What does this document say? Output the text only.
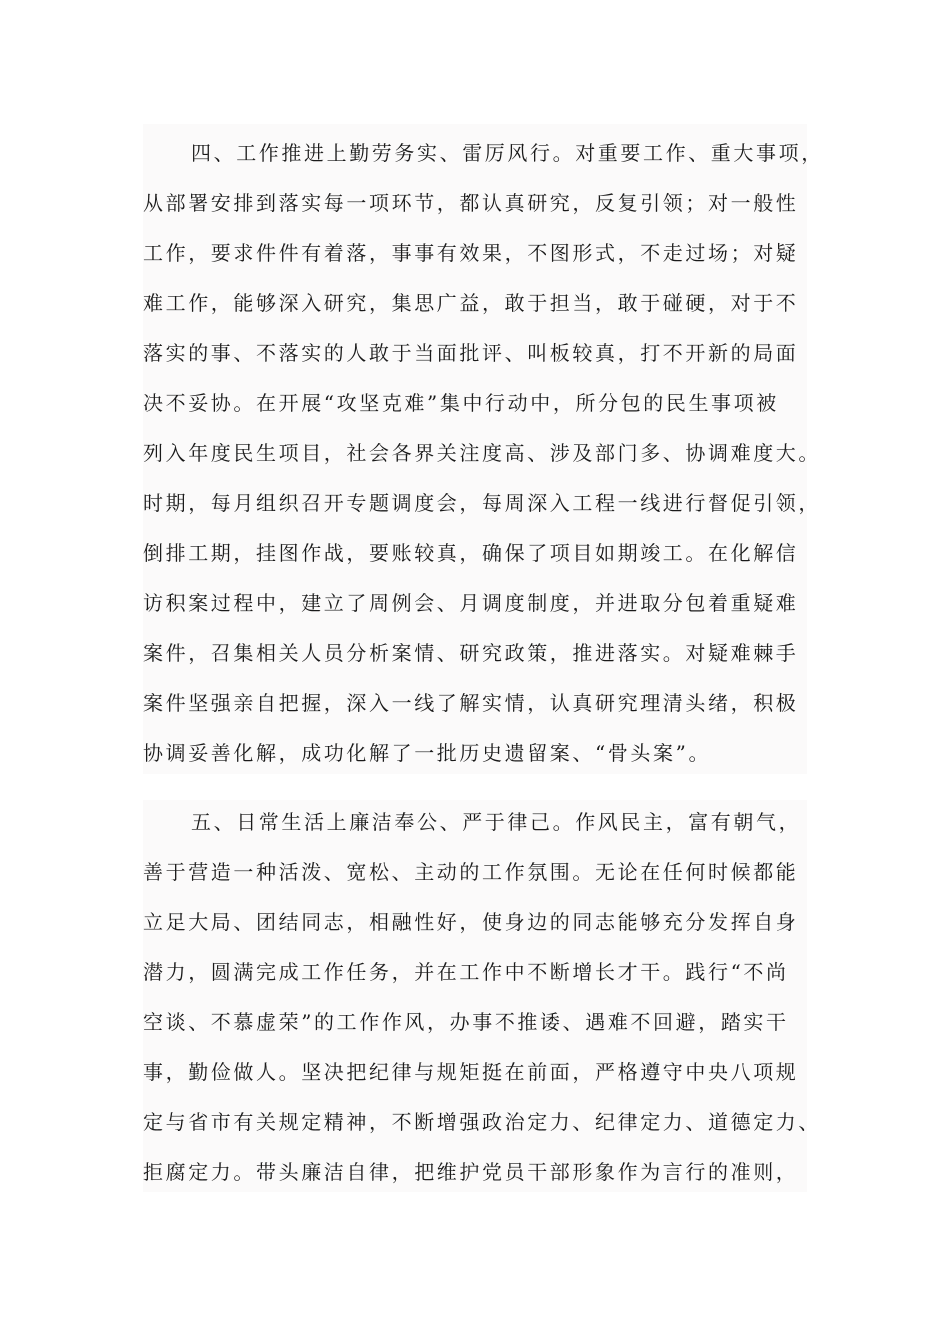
四、工作推进上勤劳务实、雷厉风行。对重要工作、重大事项，
从部署安排到落实每一项环节，都认真研究，反复引领；对一般性
工作，要求件件有着落，事事有效果，不图形式，不走过场；对疑
难工作，能够深入研究，集思广益，敢于担当，敢于碰硬，对于不
落实的事、不落实的人敢于当面批评、叫板较真，打不开新的局面
决不妥协。在开展“攻坚克难”集中行动中，所分包的民生事项被
列入年度民生项目，社会各界关注度高、涉及部门多、协调难度大。
时期，每月组织召开专题调度会，每周深入工程一线进行督促引领，
倒排工期，挂图作战，要账较真，确保了项目如期竣工。在化解信
访积案过程中，建立了周例会、月调度制度，并进取分包着重疑难
案件，召集相关人员分析案情、研究政策，推进落实。对疑难棘手
案件坚强亲自把握，深入一线了解实情，认真研究理清头绪，积极
协调妥善化解，成功化解了一批历史遗留案、“骨头案”。
五、日常生活上廉洁奉公、严于律己。作风民主，富有朝气，
善于营造一种活泼、宽松、主动的工作氛围。无论在任何时候都能
立足大局、团结同志，相融性好，使身边的同志能够充分发挥自身
潜力，圆满完成工作任务，并在工作中不断增长才干。践行“不尚
空谈、不慕虚荣”的工作作风，办事不推诿、遇难不回避，踏实干
事，勤俭做人。坚决把纪律与规矩挺在前面，严格遵守中央八项规
定与省市有关规定精神，不断增强政治定力、纪律定力、道德定力、
拒腐定力。带头廉洁自律，把维护党员干部形象作为言行的准则，
